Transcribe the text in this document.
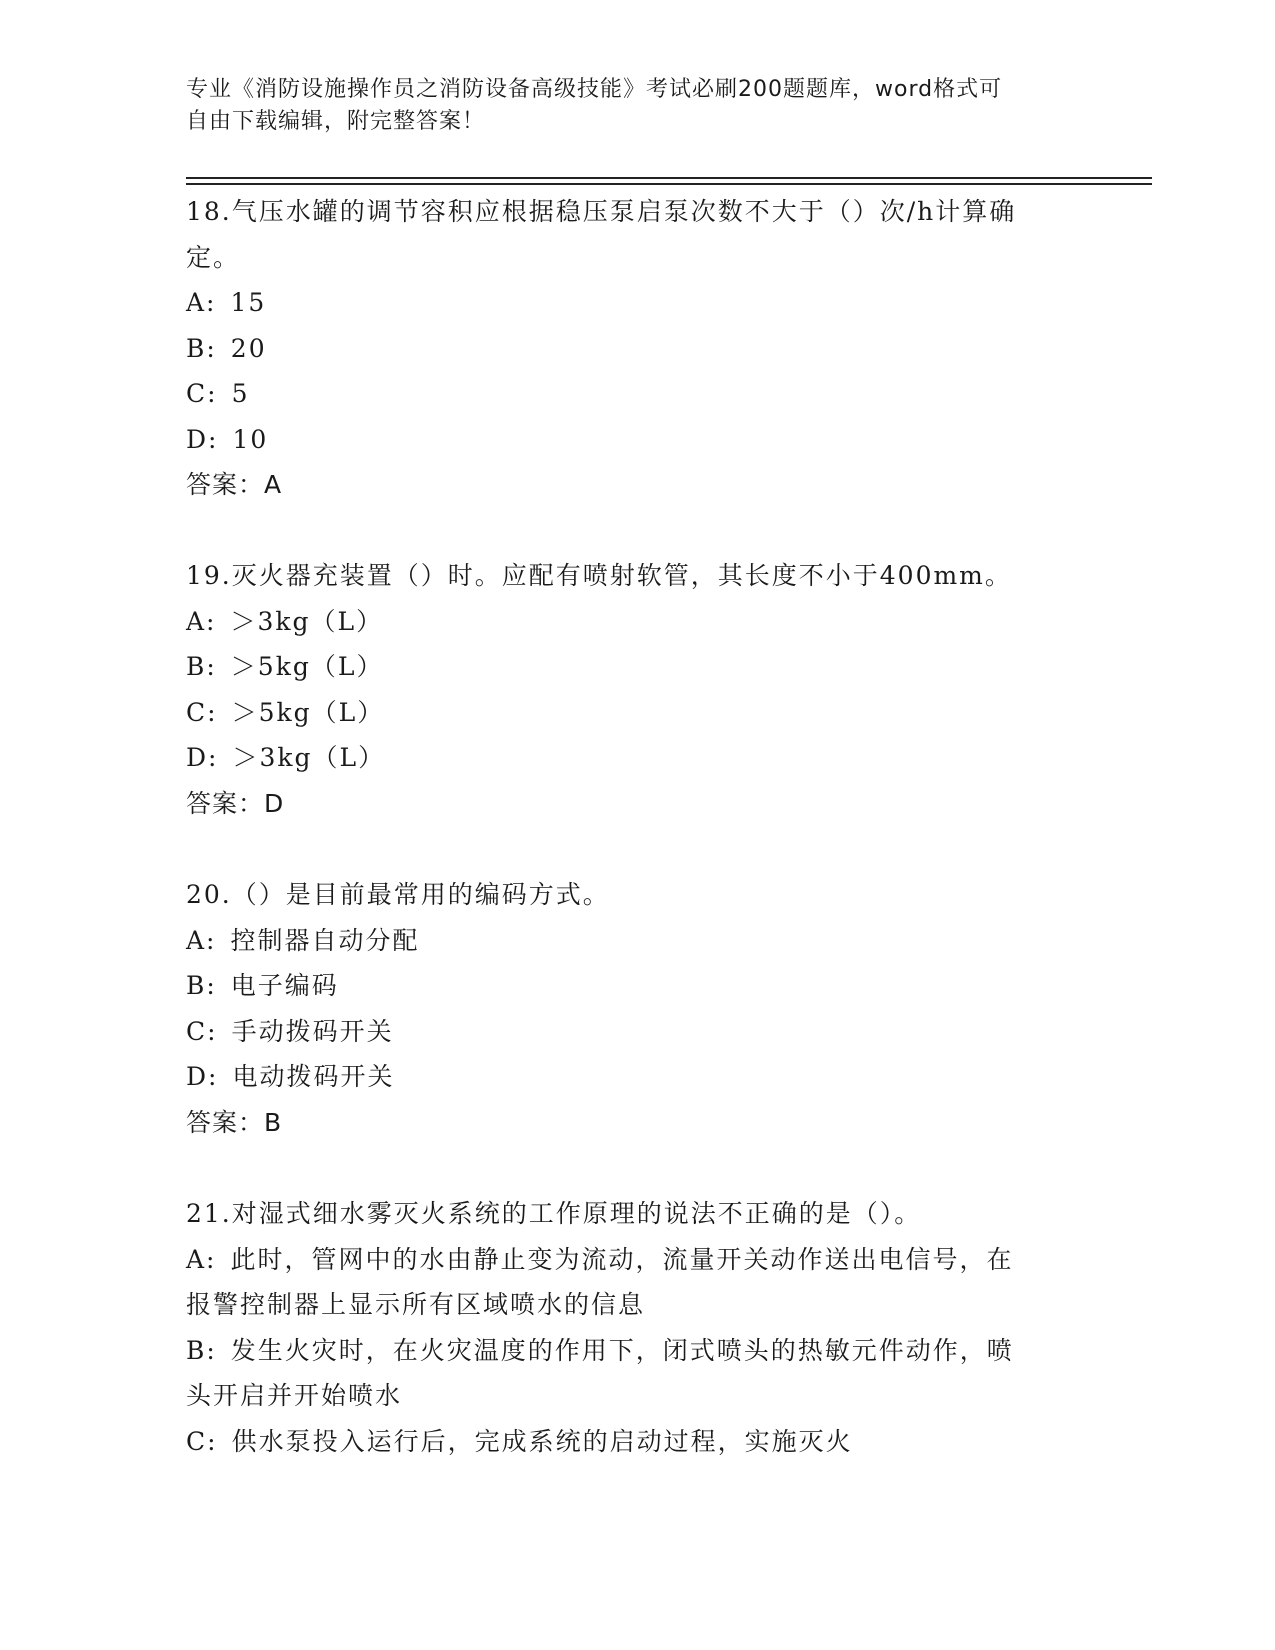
专业《消防设施操作员之消防设备高级技能》考试必刷200题题库，word格式可
自由下载编辑，附完整答案！
18.气压水罐的调节容积应根据稳压泵启泵次数不大于（）次/h计算确
定。
A: 15
B: 20
C: 5
D: 10
答案：A
19.灭火器充装置（）时。应配有喷射软管，其长度不小于400mm。
A: ＞3kg（L）
B: ＞5kg（L）
C: ＞5kg（L）
D: ＞3kg（L）
答案：D
20.（）是目前最常用的编码方式。
A: 控制器自动分配
B: 电子编码
C: 手动拨码开关
D: 电动拨码开关
答案：B
21.对湿式细水雾灭火系统的工作原理的说法不正确的是（）。
A: 此时，管网中的水由静止变为流动，流量开关动作送出电信号，在
报警控制器上显示所有区域喷水的信息
B: 发生火灾时，在火灾温度的作用下，闭式喷头的热敏元件动作，喷
头开启并开始喷水
C: 供水泵投入运行后，完成系统的启动过程，实施灭火
